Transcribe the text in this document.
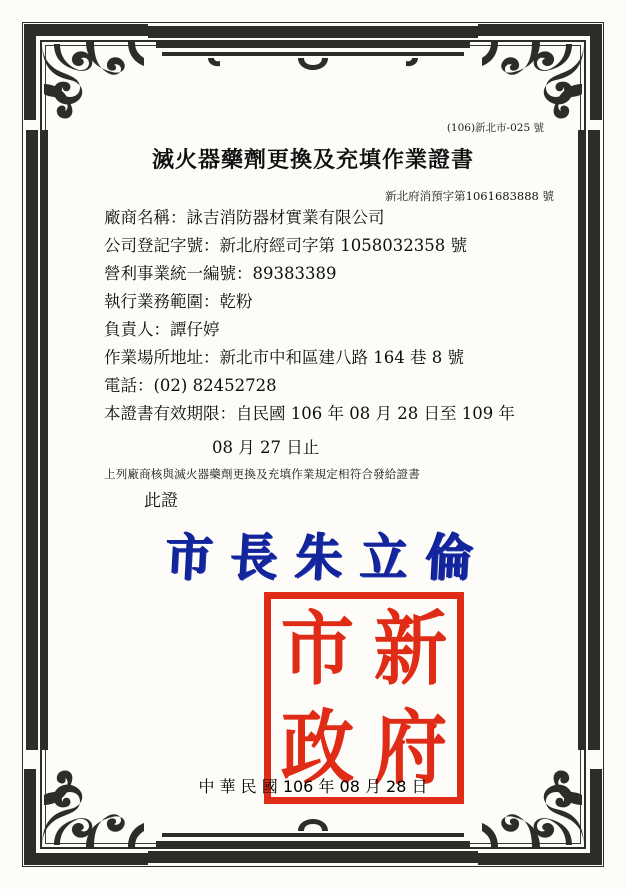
(106)新北市-025 號
滅火器藥劑更換及充填作業證書
新北府消預字第1061683888 號
廠商名稱：詠吉消防器材實業有限公司
公司登記字號：新北府經司字第 1058032358 號
營利事業統一編號：89383389
執行業務範圍：乾粉
負責人：譚仔婷
作業場所地址：新北市中和區建八路 164 巷 8 號
電話：(02) 82452728
本證書有效期限：自民國 106 年 08 月 28 日至 109 年
08 月 27 日止
上列廠商核與滅火器藥劑更換及充填作業規定相符合發給證書
此證
市長朱立倫
市 新
政 府
中 華 民 國 106 年 08 月 28 日
